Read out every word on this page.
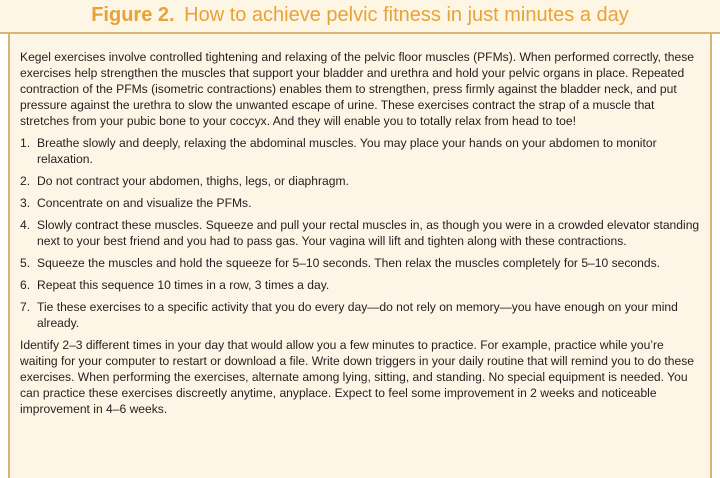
Figure 2. How to achieve pelvic fitness in just minutes a day

Kegel exercises involve controlled tightening and relaxing of the pelvic floor muscles (PFMs). When performed correctly, these exercises help strengthen the muscles that support your bladder and urethra and hold your pelvic organs in place. Repeated contraction of the PFMs (isometric contractions) enables them to strengthen, press firmly against the bladder neck, and put pressure against the urethra to slow the unwanted escape of urine. These exercises contract the strap of a muscle that stretches from your pubic bone to your coccyx. And they will enable you to totally relax from head to toe!

1. Breathe slowly and deeply, relaxing the abdominal muscles. You may place your hands on your abdomen to monitor relaxation.
2. Do not contract your abdomen, thighs, legs, or diaphragm.
3. Concentrate on and visualize the PFMs.
4. Slowly contract these muscles. Squeeze and pull your rectal muscles in, as though you were in a crowded elevator standing next to your best friend and you had to pass gas. Your vagina will lift and tighten along with these contractions.
5. Squeeze the muscles and hold the squeeze for 5–10 seconds. Then relax the muscles completely for 5–10 seconds.
6. Repeat this sequence 10 times in a row, 3 times a day.
7. Tie these exercises to a specific activity that you do every day—do not rely on memory—you have enough on your mind already.

Identify 2–3 different times in your day that would allow you a few minutes to practice. For example, practice while you’re waiting for your computer to restart or download a file. Write down triggers in your daily routine that will remind you to do these exercises. When performing the exercises, alternate among lying, sitting, and standing. No special equipment is needed. You can practice these exercises discreetly anytime, anyplace. Expect to feel some improvement in 2 weeks and noticeable improvement in 4–6 weeks.
